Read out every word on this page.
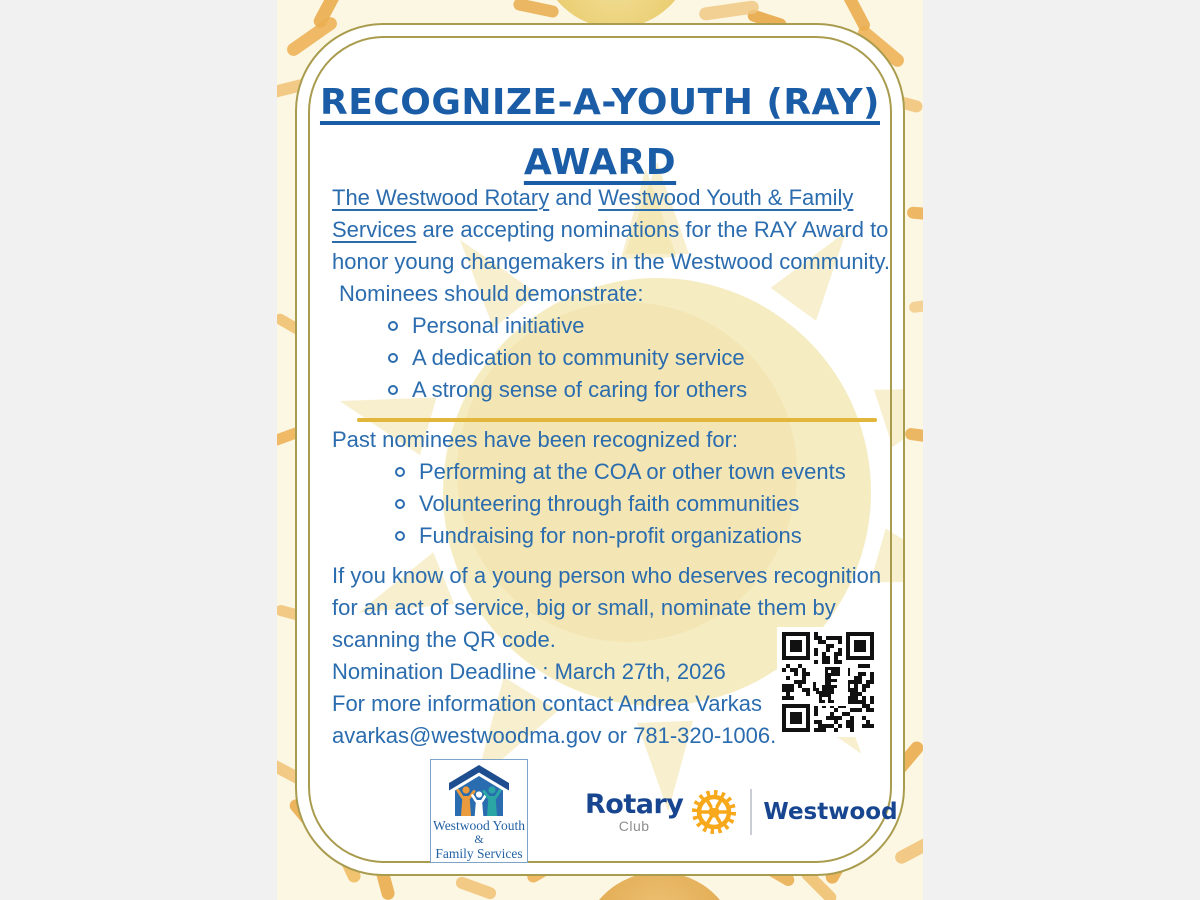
RECOGNIZE-A-YOUTH (RAY)
AWARD
The Westwood Rotary and Westwood Youth & Family
Services are accepting nominations for the RAY Award to
honor young changemakers in the Westwood community.
Nominees should demonstrate:
Personal initiative
A dedication to community service
A strong sense of caring for others
Past nominees have been recognized for:
Performing at the COA or other town events
Volunteering through faith communities
Fundraising for non-profit organizations
If you know of a young person who deserves recognition
for an act of service, big or small, nominate them by
scanning the QR code.
Nomination Deadline : March 27th, 2026
For more information contact Andrea Varkas
avarkas@westwoodma.gov or 781-320-1006.
Westwood Youth
&
Family Services
Rotary
Club
Westwood
